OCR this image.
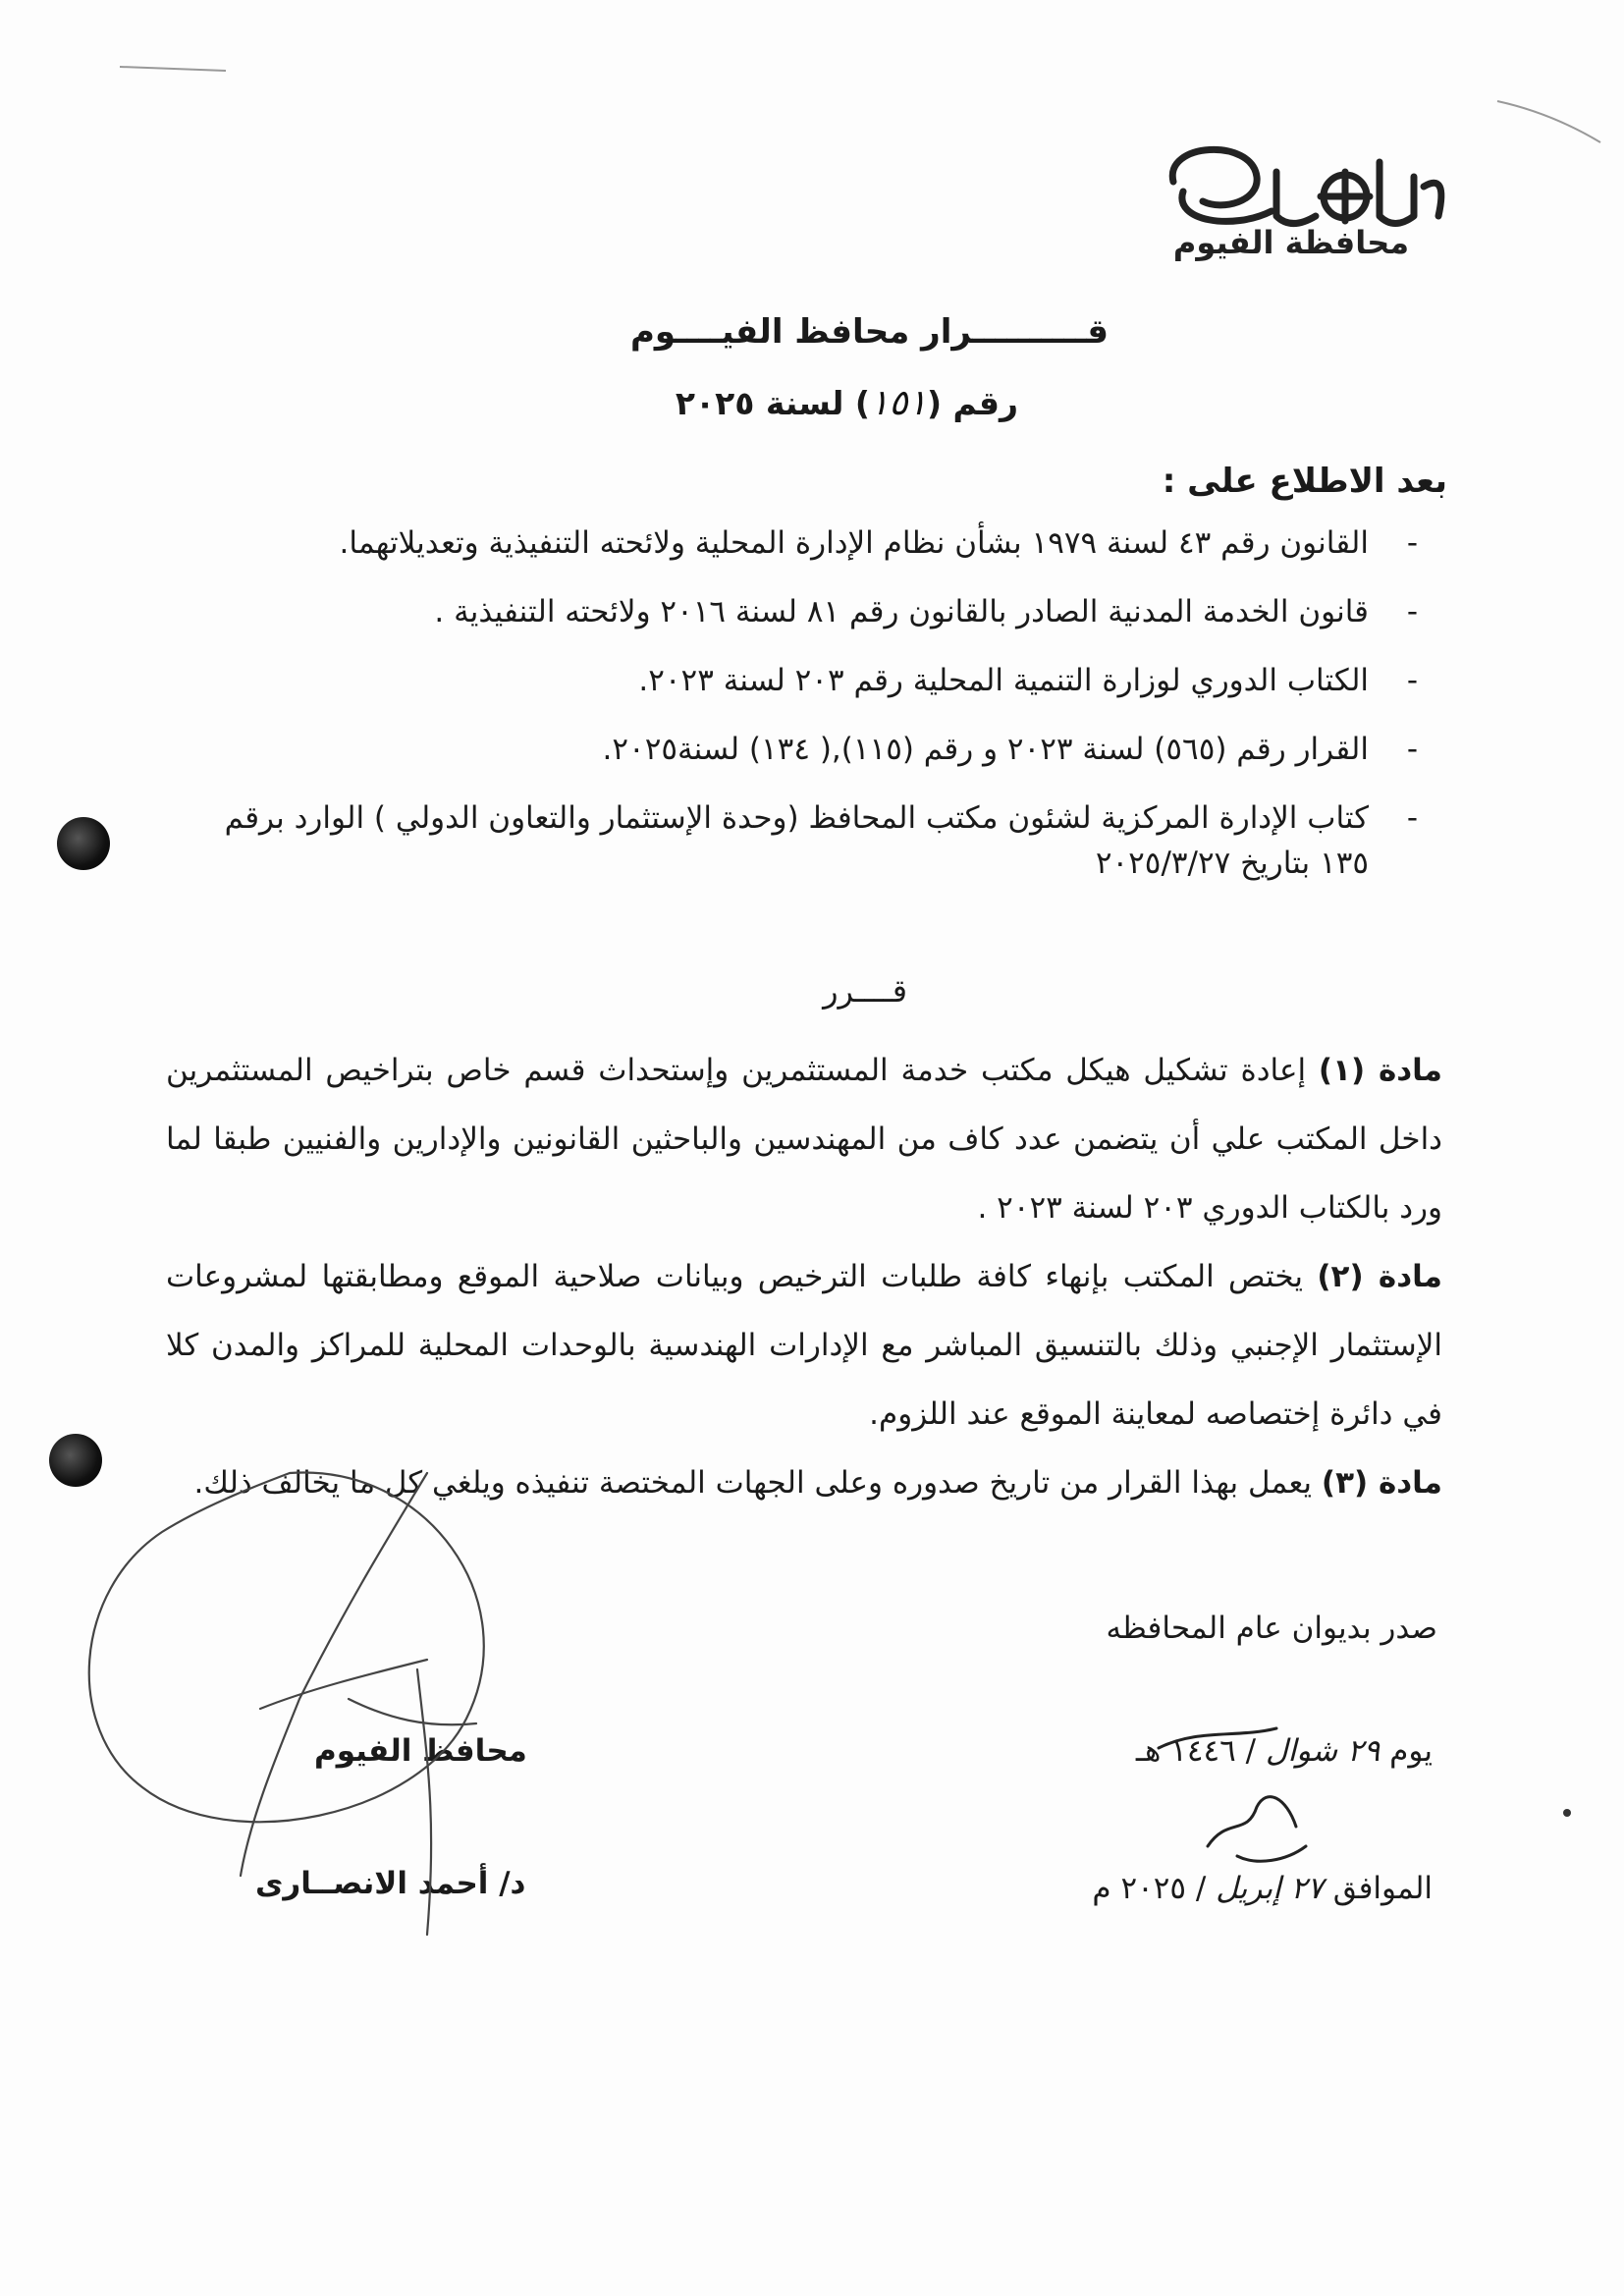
محافظة الفيوم
قــــــــــرار محافظ الفيــــوم
رقم (١٥١) لسنة ٢٠٢٥
بعد الاطلاع على :
-
القانون رقم ٤٣ لسنة ١٩٧٩ بشأن نظام الإدارة المحلية ولائحته التنفيذية وتعديلاتهما.
-
قانون الخدمة المدنية الصادر بالقانون رقم ٨١ لسنة ٢٠١٦ ولائحته التنفيذية .
-
الكتاب الدوري لوزارة التنمية المحلية رقم ٢٠٣ لسنة ٢٠٢٣.
-
القرار رقم (٥٦٥) لسنة ٢٠٢٣ و رقم (١١٥),( ١٣٤) لسنة٢٠٢٥.
-
كتاب الإدارة المركزية لشئون مكتب المحافظ (وحدة الإستثمار والتعاون الدولي ) الوارد برقم ١٣٥ بتاريخ ٢٠٢٥/٣/٢٧
قــــرر

مادة (١) إعادة تشكيل هيكل مكتب خدمة المستثمرين وإستحداث قسم خاص بتراخيص المستثمرين داخل المكتب علي أن يتضمن عدد كاف من المهندسين والباحثين القانونين والإدارين والفنيين طبقا لما ورد بالكتاب الدوري ٢٠٣ لسنة ٢٠٢٣ .

مادة (٢) يختص المكتب بإنهاء كافة طلبات الترخيص وبيانات صلاحية الموقع ومطابقتها لمشروعات الإستثمار الإجنبي وذلك بالتنسيق المباشر مع الإدارات الهندسية بالوحدات المحلية للمراكز والمدن كلا في دائرة إختصاصه لمعاينة الموقع عند اللزوم.

مادة (٣) يعمل بهذا القرار من تاريخ صدوره وعلى الجهات المختصة تنفيذه ويلغي كل ما يخالف ذلك.

صدر بديوان عام المحافظه
يوم ٢٩ شوال / ١٤٤٦ هـ
الموافق ٢٧ إبريل / ٢٠٢٥ م
محافظ الفيوم
د/ أحمد الانصــارى
